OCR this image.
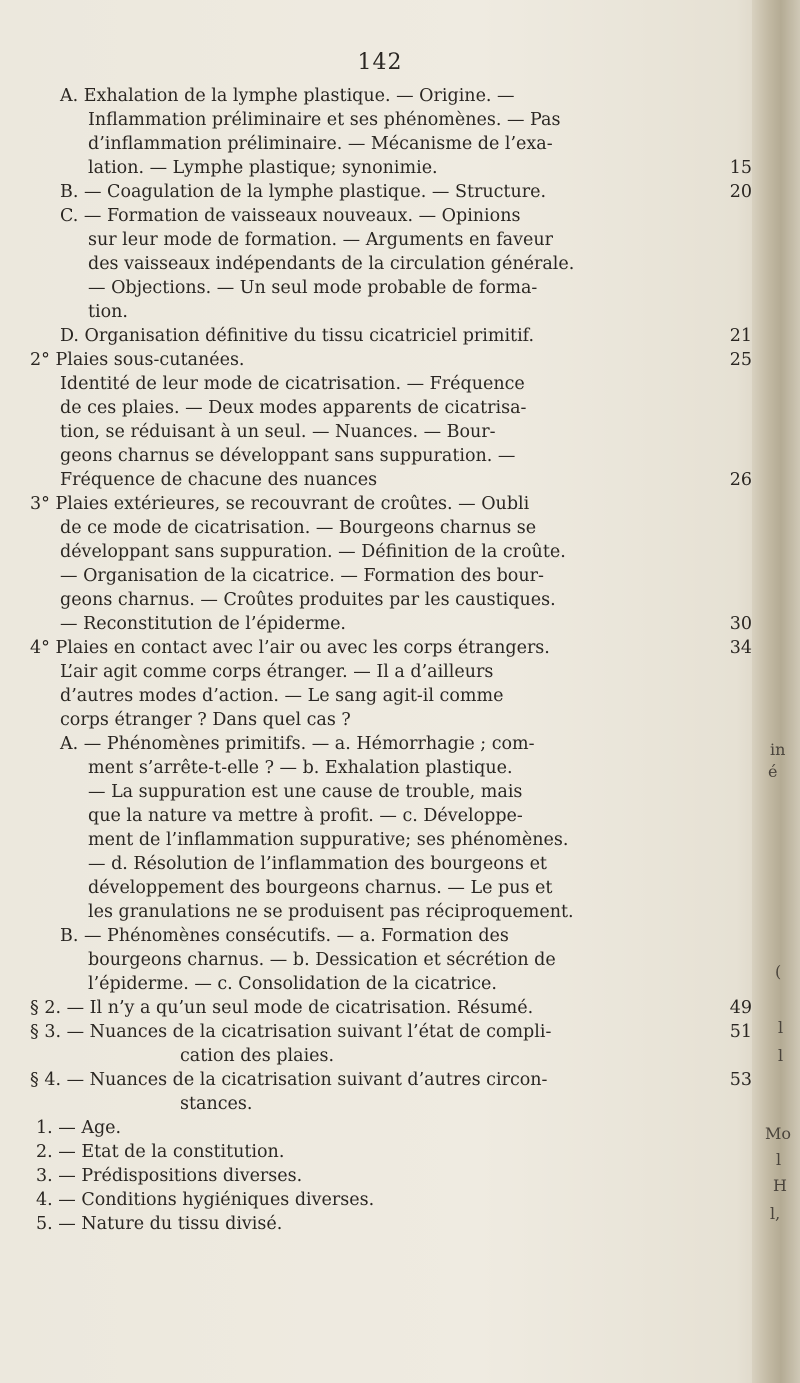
142
A. Exhalation de la lymphe plastique. — Origine. —
Inflammation préliminaire et ses phénomènes. — Pas
d’inflammation préliminaire. — Mécanisme de l’exa-
lation. — Lymphe plastique; synonimie.
B. — Coagulation de la lymphe plastique. — Structure.
C. — Formation de vaisseaux nouveaux. — Opinions
sur leur mode de formation. — Arguments en faveur
des vaisseaux indépendants de la circulation générale.
— Objections. — Un seul mode probable de forma-
tion.
D. Organisation définitive du tissu cicatriciel primitif.
2° Plaies sous-cutanées.
Identité de leur mode de cicatrisation. — Fréquence
de ces plaies. — Deux modes apparents de cicatrisa-
tion, se réduisant à un seul. — Nuances. — Bour-
geons charnus se développant sans suppuration. —
Fréquence de chacune des nuances
3° Plaies extérieures, se recouvrant de croûtes. — Oubli
de ce mode de cicatrisation. — Bourgeons charnus se
développant sans suppuration. — Définition de la croûte.
— Organisation de la cicatrice. — Formation des bour-
geons charnus. — Croûtes produites par les caustiques.
— Reconstitution de l’épiderme.
4° Plaies en contact avec l’air ou avec les corps étrangers.
L’air agit comme corps étranger. — Il a d’ailleurs
d’autres modes d’action. — Le sang agit-il comme
corps étranger ? Dans quel cas ?
A. — Phénomènes primitifs. — a. Hémorrhagie ; com-
ment s’arrête-t-elle ? — b. Exhalation plastique.
— La suppuration est une cause de trouble, mais
que la nature va mettre à profit. — c. Développe-
ment de l’inflammation suppurative; ses phénomènes.
— d. Résolution de l’inflammation des bourgeons et
développement des bourgeons charnus. — Le pus et
les granulations ne se produisent pas réciproquement.
B. — Phénomènes consécutifs. — a. Formation des
bourgeons charnus. — b. Dessication et sécrétion de
l’épiderme. — c. Consolidation de la cicatrice.
§ 2. — Il n’y a qu’un seul mode de cicatrisation. Résumé.
§ 3. — Nuances de la cicatrisation suivant l’état de compli-
cation des plaies.
§ 4. — Nuances de la cicatrisation suivant d’autres circon-
stances.
1. — Age.
2. — Etat de la constitution.
3. — Prédispositions diverses.
4. — Conditions hygiéniques diverses.
5. — Nature du tissu divisé.
15
20
21
25
26
30
34
49
51
53
in
é
(
l
l
Mo
l
H
l,
